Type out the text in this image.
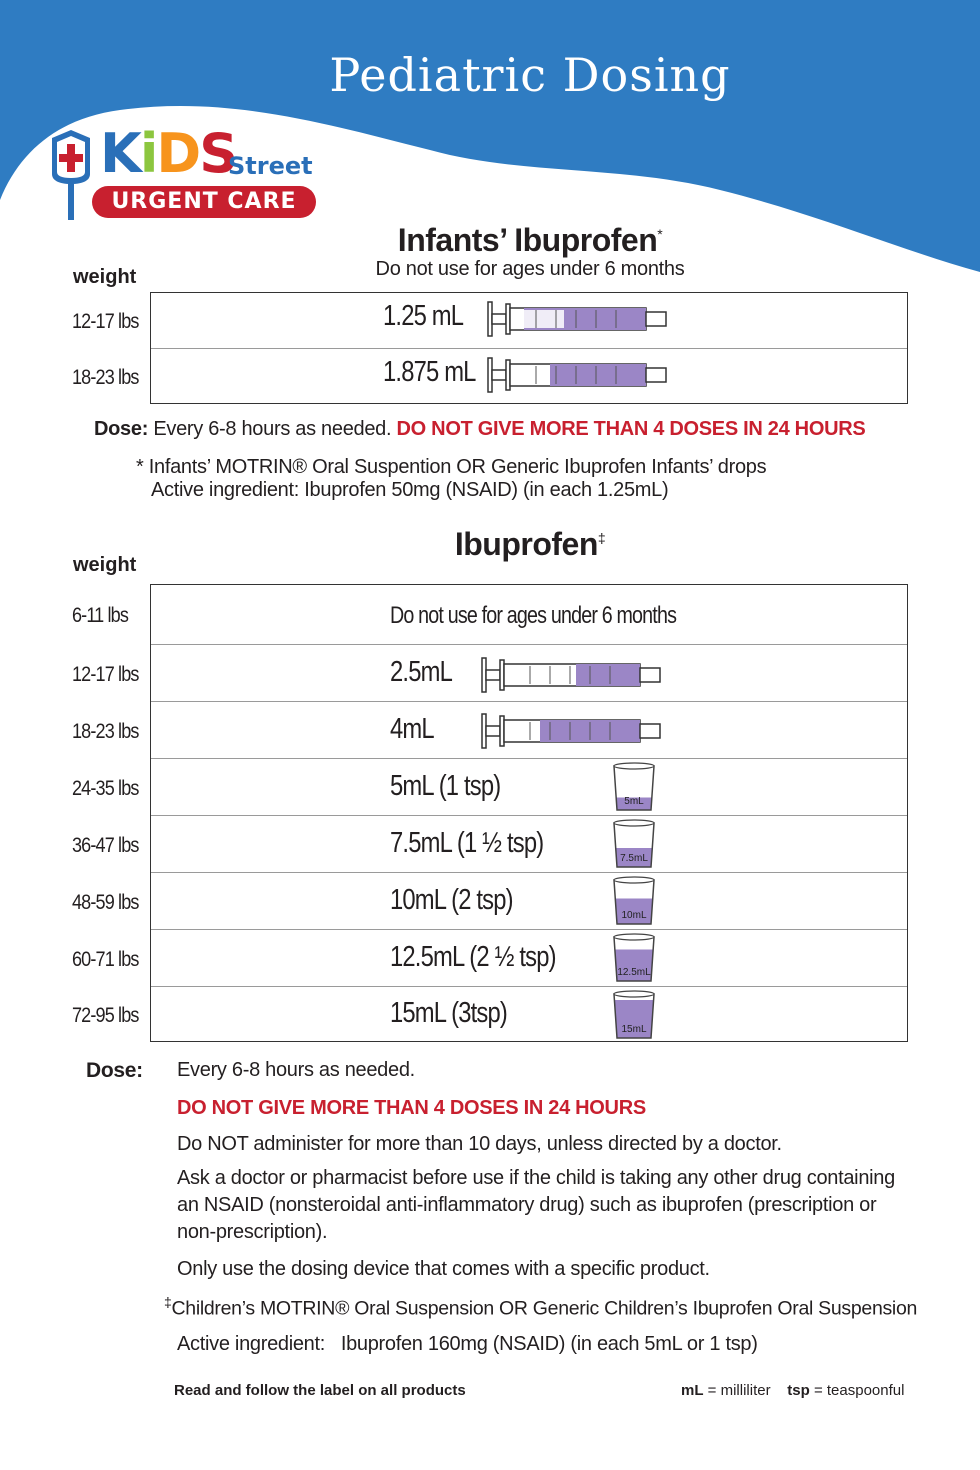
Pediatric Dosing
KiDS
Street
URGENT CARE
Infants’ Ibuprofen*
Do not use for ages under 6 months
weight
12-17 lbs
18-23 lbs
1.25 mL
1.875 mL
Dose: Every 6-8 hours as needed. DO NOT GIVE MORE THAN 4 DOSES IN 24 HOURS
* Infants’ MOTRIN® Oral Suspention OR Generic Ibuprofen Infants’ drops
Active ingredient: Ibuprofen 50mg (NSAID) (in each 1.25mL)
Ibuprofen‡
weight
6-11 lbs
12-17 lbs
18-23 lbs
24-35 lbs
36-47 lbs
48-59 lbs
60-71 lbs
72-95 lbs
Do not use for ages under 6 months
2.5mL
4mL
5mL (1 tsp)
7.5mL (1 ½ tsp)
10mL (2 tsp)
12.5mL (2 ½ tsp)
15mL (3tsp)
5mL
7.5mL
10mL
12.5mL
15mL
Dose: Every 6-8 hours as needed.
DO NOT GIVE MORE THAN 4 DOSES IN 24 HOURS
Do NOT administer for more than 10 days, unless directed by a doctor.
Ask a doctor or pharmacist before use if the child is taking any other drug containing
an NSAID (nonsteroidal anti-inflammatory drug) such as ibuprofen (prescription or
non-prescription).
Only use the dosing device that comes with a specific product.
‡Children’s MOTRIN® Oral Suspension OR Generic Children’s Ibuprofen Oral Suspension
Active ingredient: Ibuprofen 160mg (NSAID) (in each 5mL or 1 tsp)
Read and follow the label on all products	mL = milliliter tsp = teaspoonful
